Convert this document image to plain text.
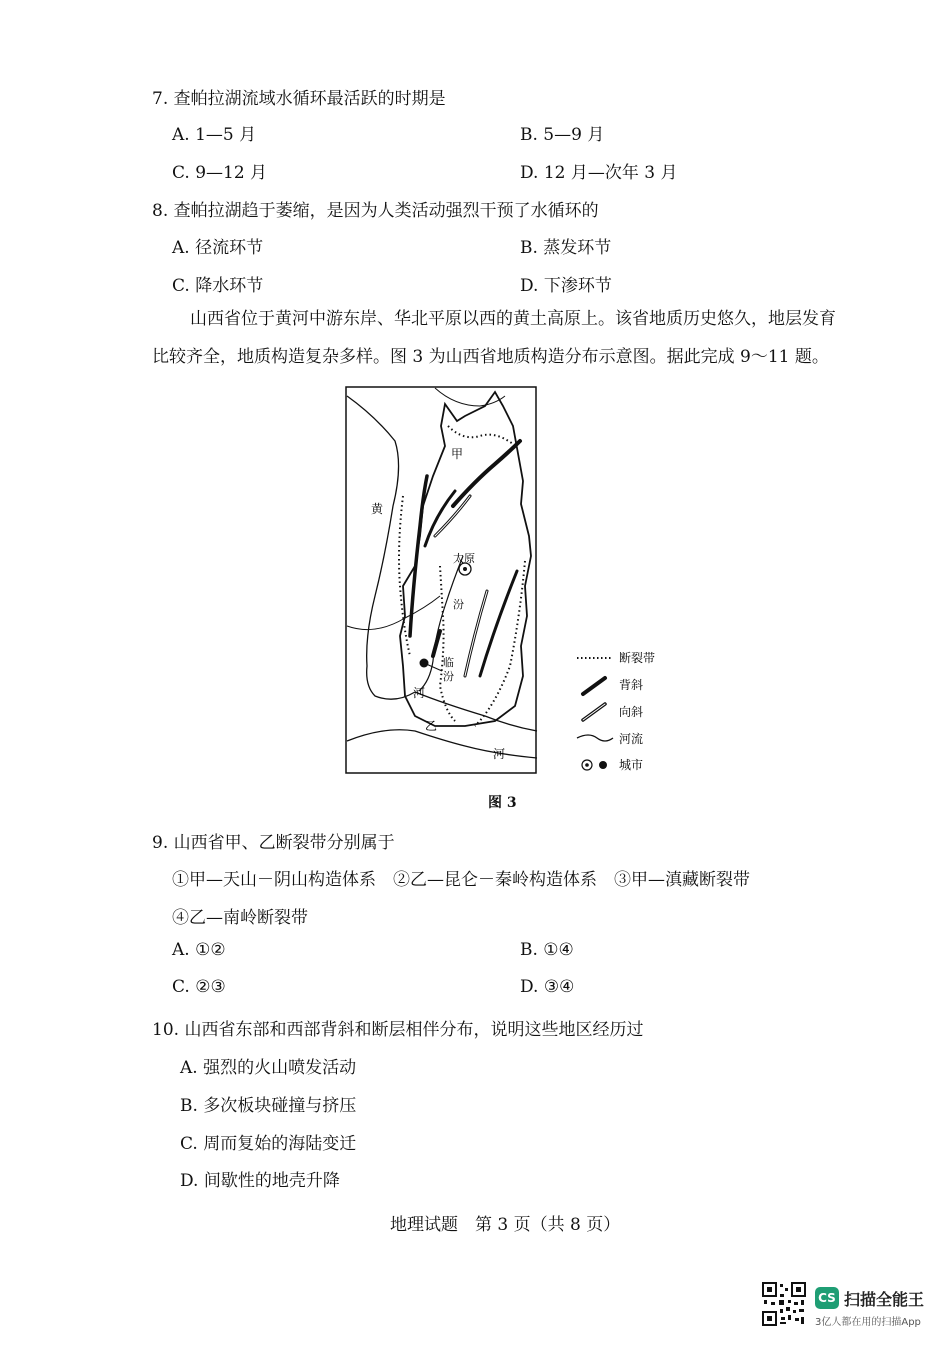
7. 查帕拉湖流域水循环最活跃的时期是
A. 1—5 月	B. 5—9 月
C. 9—12 月	D. 12 月—次年 3 月
8. 查帕拉湖趋于萎缩，是因为人类活动强烈干预了水循环的
A. 径流环节	B. 蒸发环节
C. 降水环节	D. 下渗环节
山西省位于黄河中游东岸、华北平原以西的黄土高原上。该省地质历史悠久，地层发育
比较齐全，地质构造复杂多样。图 3 为山西省地质构造分布示意图。据此完成 9～11 题。
甲
乙
太原
汾
临
汾
黄
河
河
断裂带
背斜
向斜
河流
城市
图 3
9. 山西省甲、乙断裂带分别属于
①甲—天山－阴山构造体系　②乙—昆仑－秦岭构造体系　③甲—滇藏断裂带
④乙—南岭断裂带
A. ①②	B. ①④
C. ②③	D. ③④
10. 山西省东部和西部背斜和断层相伴分布，说明这些地区经历过
A. 强烈的火山喷发活动
B. 多次板块碰撞与挤压
C. 周而复始的海陆变迁
D. 间歇性的地壳升降
地理试题　第 3 页（共 8 页）
CS 扫描全能王
3亿人都在用的扫描App
